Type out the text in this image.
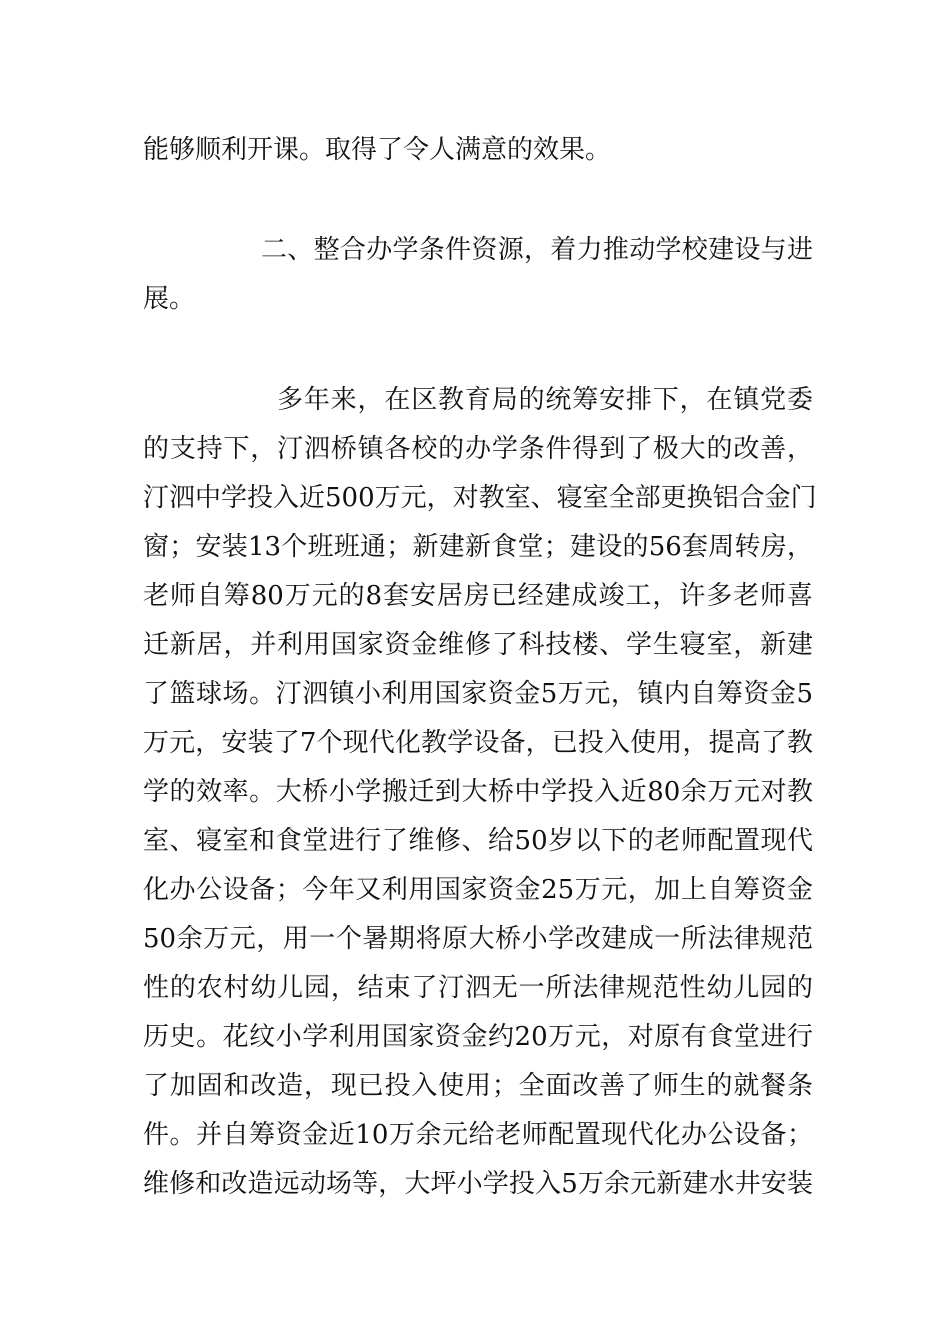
能够顺利开课。取得了令人满意的效果。
二、整合办学条件资源，着力推动学校建设与进
展。
多年来，在区教育局的统筹安排下，在镇党委
的支持下，汀泗桥镇各校的办学条件得到了极大的改善，
汀泗中学投入近500万元，对教室、寝室全部更换铝合金门
窗；安装13个班班通；新建新食堂；建设的56套周转房，
老师自筹80万元的8套安居房已经建成竣工，许多老师喜
迁新居，并利用国家资金维修了科技楼、学生寝室，新建
了篮球场。汀泗镇小利用国家资金5万元，镇内自筹资金5
万元，安装了7个现代化教学设备，已投入使用，提高了教
学的效率。大桥小学搬迁到大桥中学投入近80余万元对教
室、寝室和食堂进行了维修、给50岁以下的老师配置现代
化办公设备；今年又利用国家资金25万元，加上自筹资金
50余万元，用一个暑期将原大桥小学改建成一所法律规范
性的农村幼儿园，结束了汀泗无一所法律规范性幼儿园的
历史。花纹小学利用国家资金约20万元，对原有食堂进行
了加固和改造，现已投入使用；全面改善了师生的就餐条
件。并自筹资金近10万余元给老师配置现代化办公设备；
维修和改造远动场等，大坪小学投入5万余元新建水井安装
